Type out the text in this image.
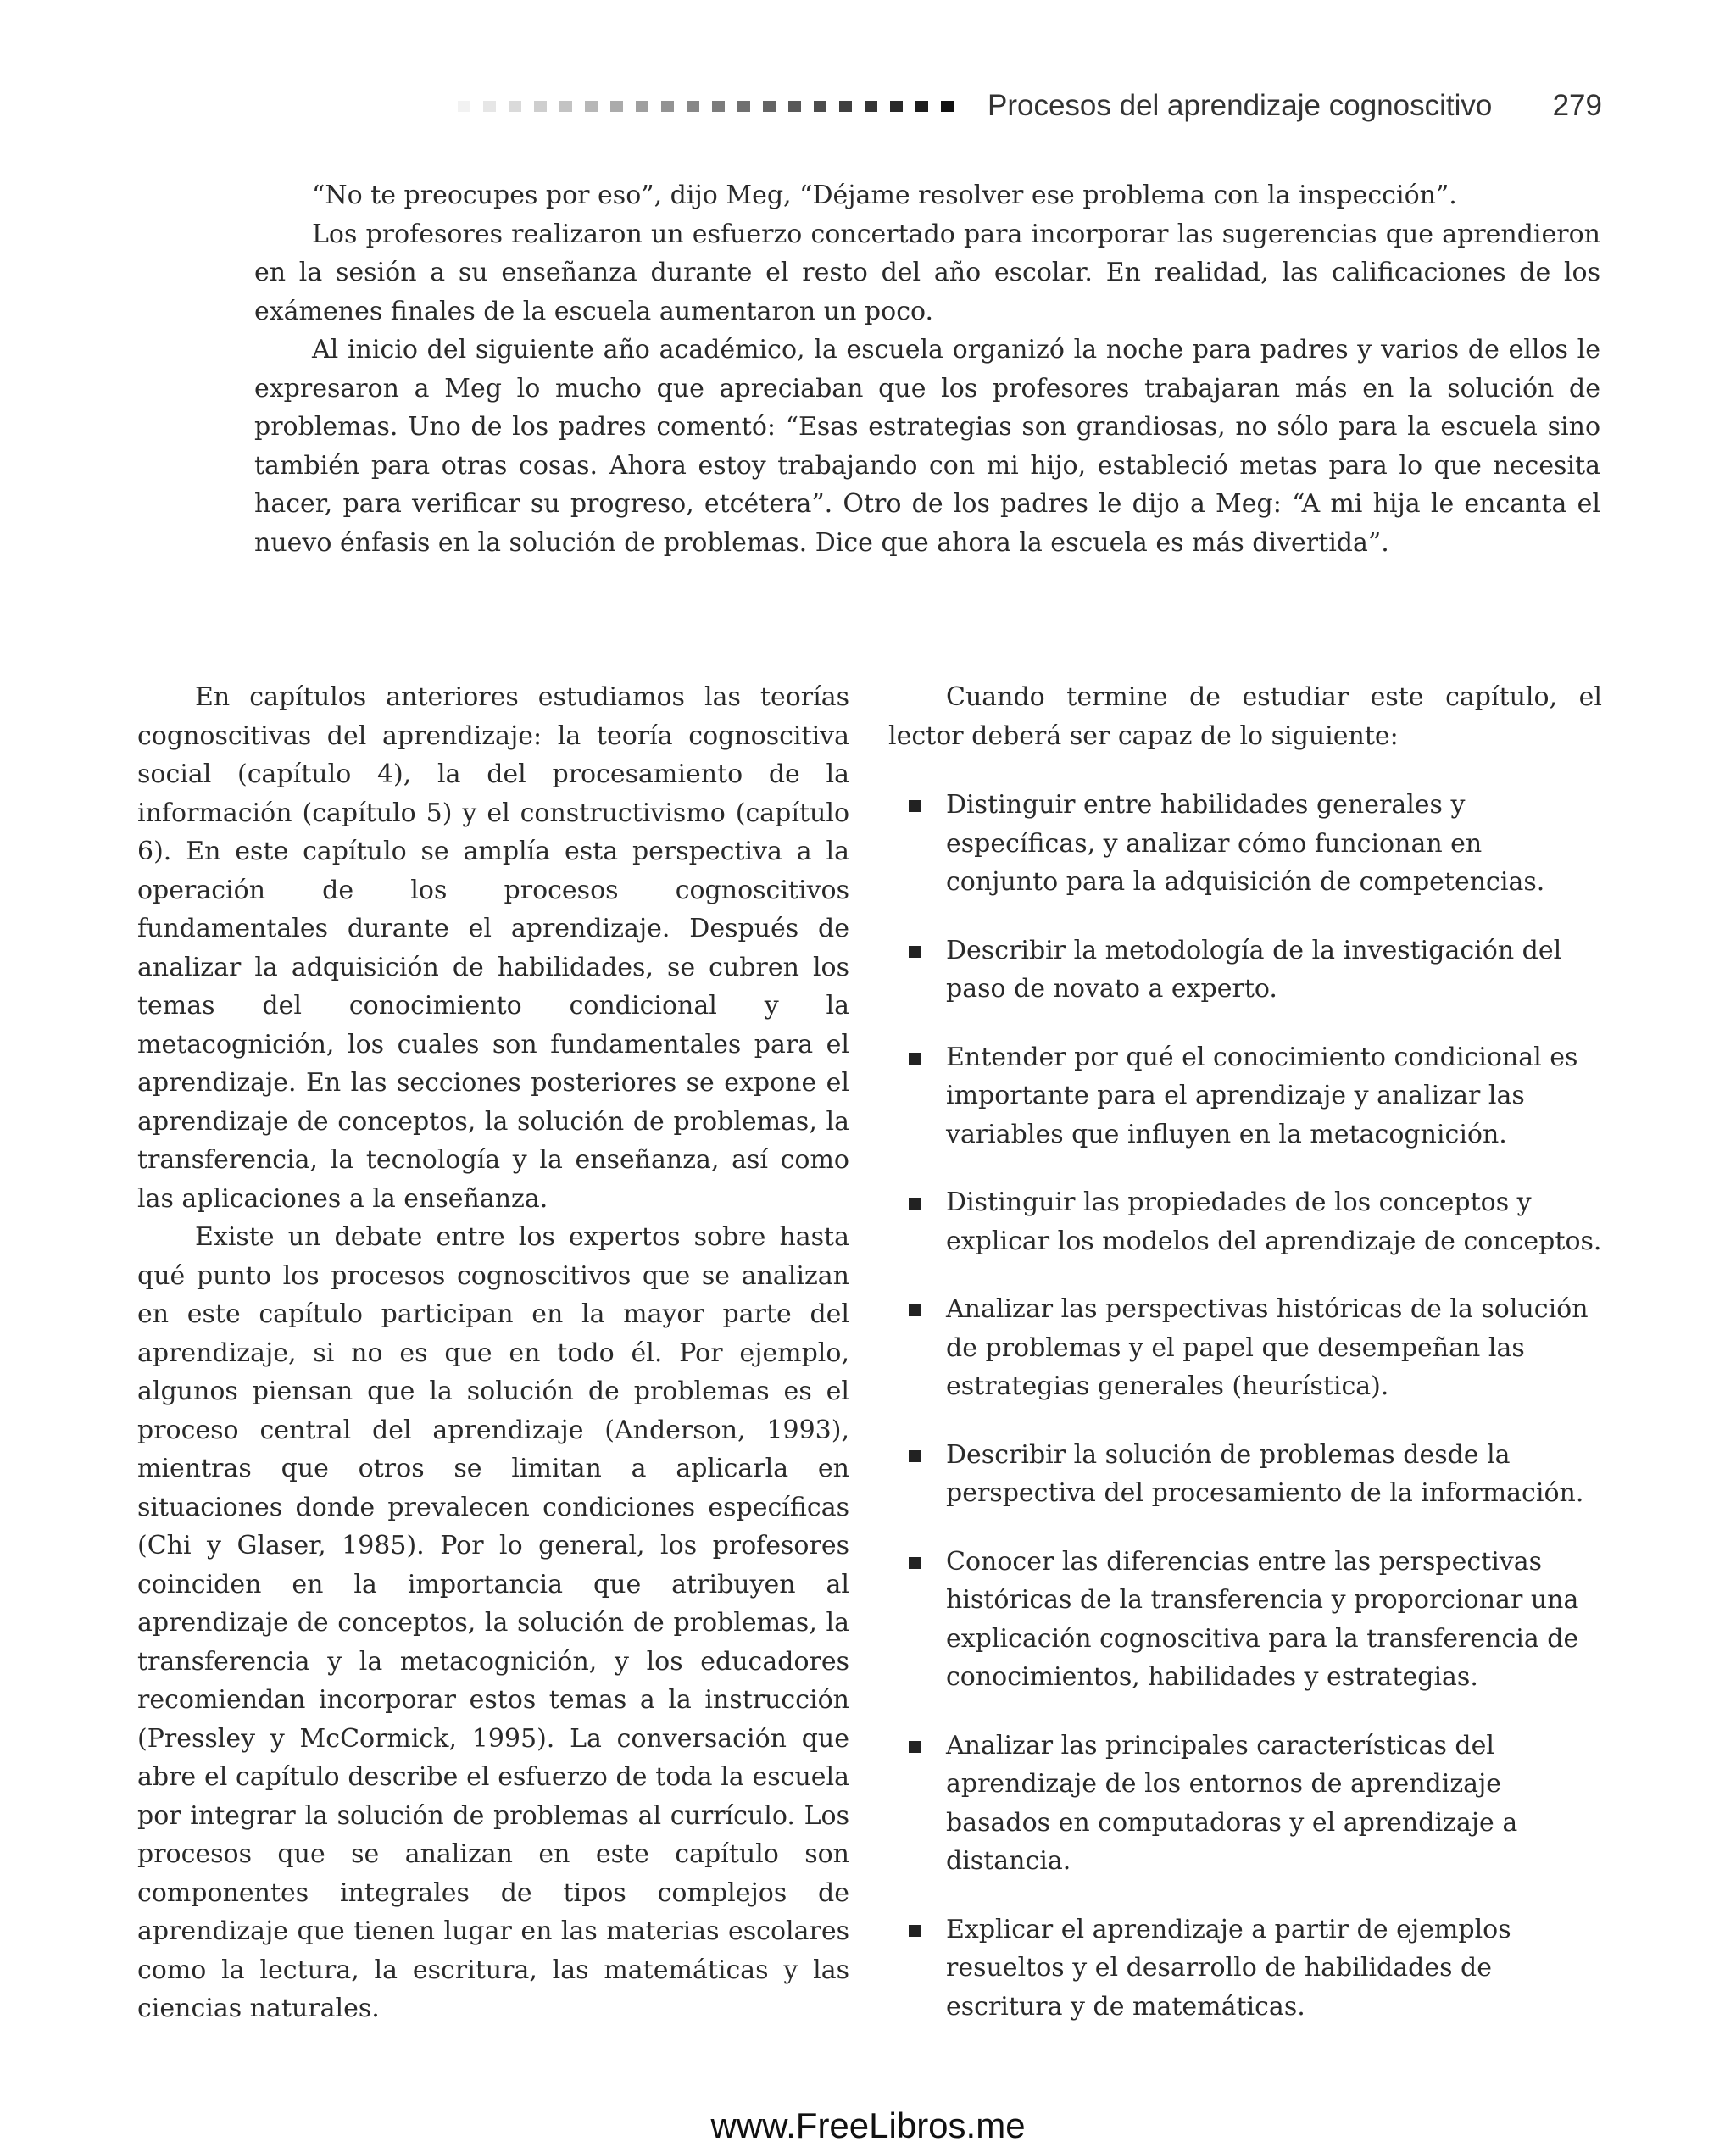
Procesos del aprendizaje cognoscitivo 279

“No te preocupes por eso”, dijo Meg, “Déjame resolver ese problema con la inspección”.

Los profesores realizaron un esfuerzo concertado para incorporar las sugerencias que aprendieron en la sesión a su enseñanza durante el resto del año escolar. En realidad, las calificaciones de los exámenes finales de la escuela aumentaron un poco.

Al inicio del siguiente año académico, la escuela organizó la noche para padres y varios de ellos le expresaron a Meg lo mucho que apreciaban que los profesores trabajaran más en la solución de problemas. Uno de los padres comentó: “Esas estrategias son grandiosas, no sólo para la escuela sino también para otras cosas. Ahora estoy trabajando con mi hijo, estableció metas para lo que necesita hacer, para verificar su progreso, etcétera”. Otro de los padres le dijo a Meg: “A mi hija le encanta el nuevo énfasis en la solución de problemas. Dice que ahora la escuela es más divertida”.

En capítulos anteriores estudiamos las teorías cognoscitivas del aprendizaje: la teoría cognoscitiva social (capítulo 4), la del procesamiento de la información (capítulo 5) y el constructivismo (capítulo 6). En este capítulo se amplía esta perspectiva a la operación de los procesos cognoscitivos fundamentales durante el aprendizaje. Después de analizar la adquisición de habilidades, se cubren los temas del conocimiento condicional y la metacognición, los cuales son fundamentales para el aprendizaje. En las secciones posteriores se expone el aprendizaje de conceptos, la solución de problemas, la transferencia, la tecnología y la enseñanza, así como las aplicaciones a la enseñanza.

Existe un debate entre los expertos sobre hasta qué punto los procesos cognoscitivos que se analizan en este capítulo participan en la mayor parte del aprendizaje, si no es que en todo él. Por ejemplo, algunos piensan que la solución de problemas es el proceso central del aprendizaje (Anderson, 1993), mientras que otros se limitan a aplicarla en situaciones donde prevalecen condiciones específicas (Chi y Glaser, 1985). Por lo general, los profesores coinciden en la importancia que atribuyen al aprendizaje de conceptos, la solución de problemas, la transferencia y la metacognición, y los educadores recomiendan incorporar estos temas a la instrucción (Pressley y McCormick, 1995). La conversación que abre el capítulo describe el esfuerzo de toda la escuela por integrar la solución de problemas al currículo. Los procesos que se analizan en este capítulo son componentes integrales de tipos complejos de aprendizaje que tienen lugar en las materias escolares como la lectura, la escritura, las matemáticas y las ciencias naturales.

Cuando termine de estudiar este capítulo, el lector deberá ser capaz de lo siguiente:

Distinguir entre habilidades generales y específicas, y analizar cómo funcionan en conjunto para la adquisición de competencias.
Describir la metodología de la investigación del paso de novato a experto.
Entender por qué el conocimiento condicional es importante para el aprendizaje y analizar las variables que influyen en la metacognición.
Distinguir las propiedades de los conceptos y explicar los modelos del aprendizaje de conceptos.
Analizar las perspectivas históricas de la solución de problemas y el papel que desempeñan las estrategias generales (heurística).
Describir la solución de problemas desde la perspectiva del procesamiento de la información.
Conocer las diferencias entre las perspectivas históricas de la transferencia y proporcionar una explicación cognoscitiva para la transferencia de conocimientos, habilidades y estrategias.
Analizar las principales características del aprendizaje de los entornos de aprendizaje basados en computadoras y el aprendizaje a distancia.
Explicar el aprendizaje a partir de ejemplos resueltos y el desarrollo de habilidades de escritura y de matemáticas.
www.FreeLibros.me
